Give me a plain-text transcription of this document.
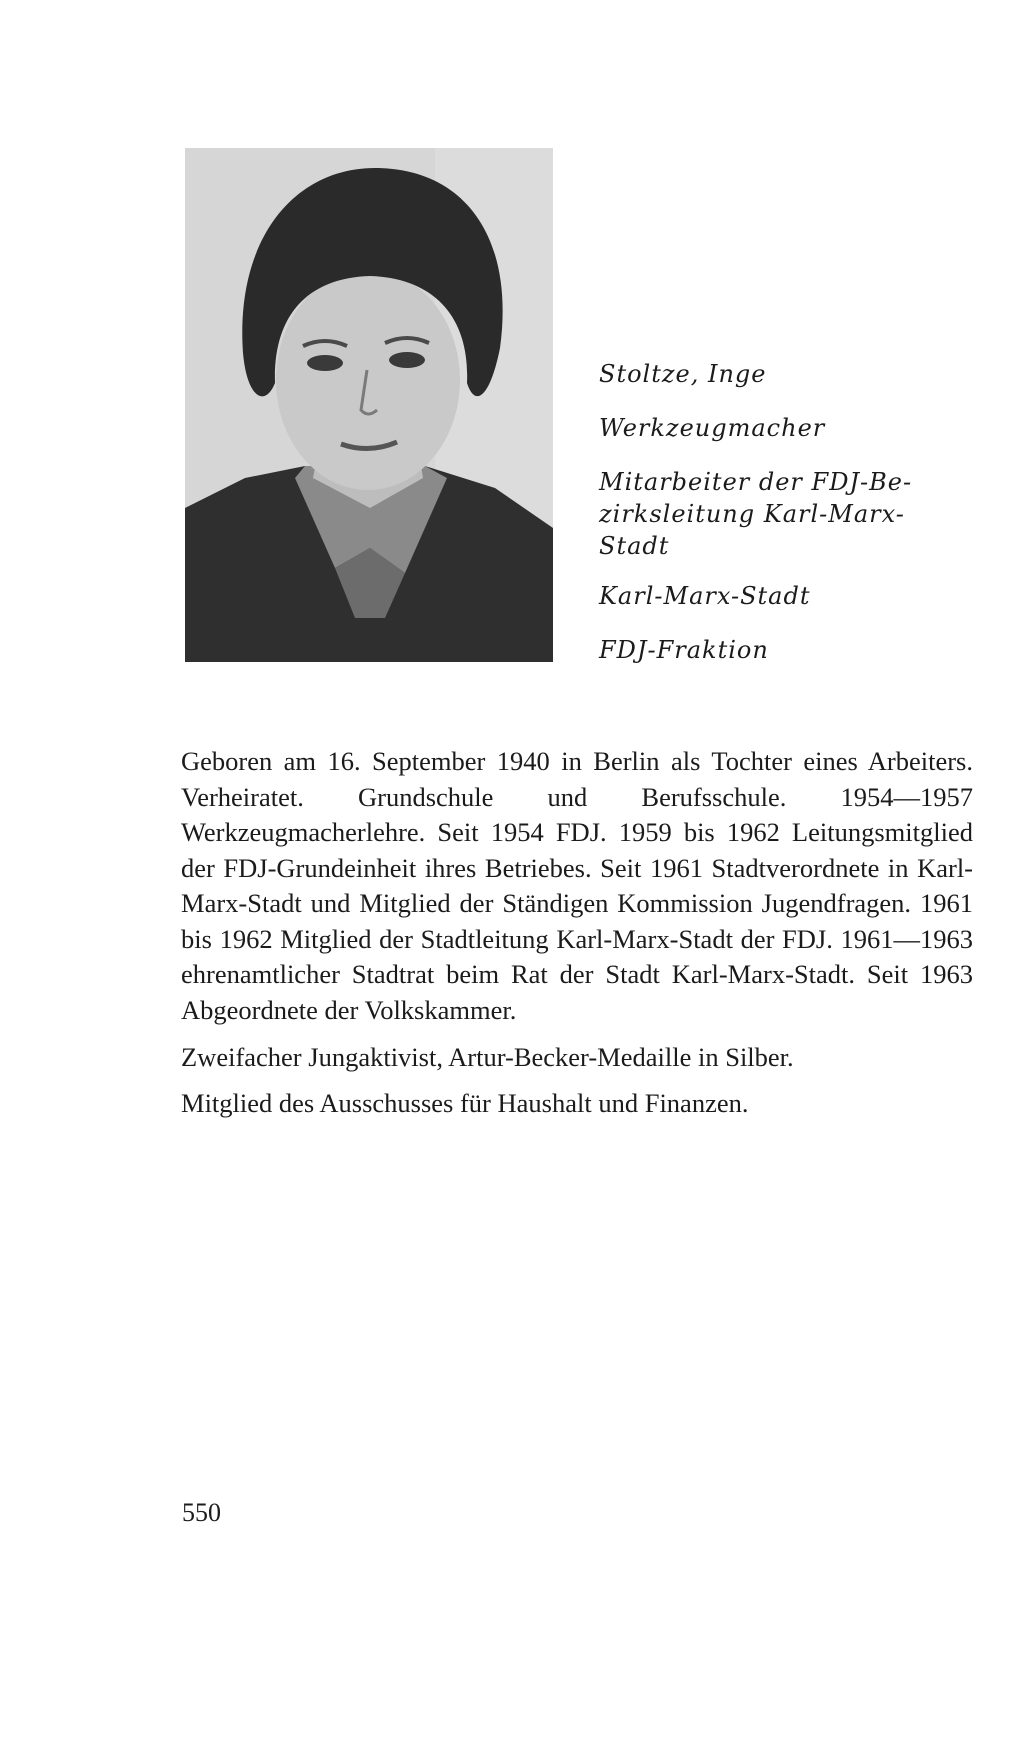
Stoltze, Inge
Werkzeugmacher
Mitarbeiter der FDJ-Be-
zirksleitung Karl-Marx-
Stadt
Karl-Marx-Stadt
FDJ-Fraktion

Geboren am 16. September 1940 in Berlin als Tochter eines Arbeiters. Verheiratet. Grundschule und Berufsschule. 1954—1957 Werkzeugmacherlehre. Seit 1954 FDJ. 1959 bis 1962 Leitungsmitglied der FDJ-Grundeinheit ihres Betriebes. Seit 1961 Stadtverordnete in Karl-Marx-Stadt und Mitglied der Ständigen Kommission Jugendfragen. 1961 bis 1962 Mitglied der Stadtleitung Karl-Marx-Stadt der FDJ. 1961—1963 ehrenamtlicher Stadtrat beim Rat der Stadt Karl-Marx-Stadt. Seit 1963 Abgeordnete der Volkskammer.

Zweifacher Jungaktivist, Artur-Becker-Medaille in Silber.

Mitglied des Ausschusses für Haushalt und Finanzen.

550
